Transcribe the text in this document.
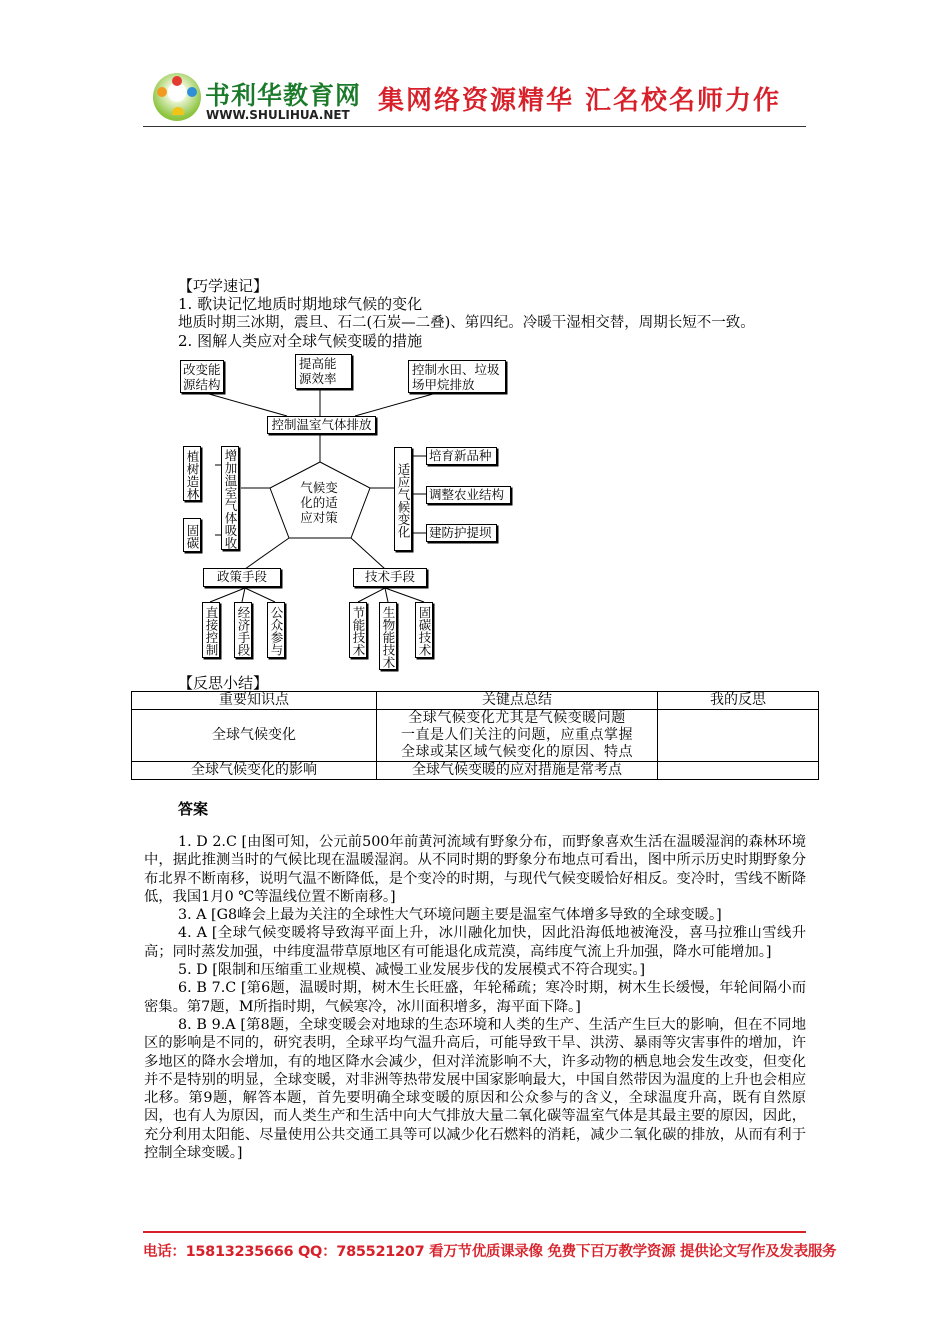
书利华教育网
WWW.SHULIHUA.NET 集网络资源精华 汇名校名师力作
【巧学速记】
1. 歌诀记忆地质时期地球气候的变化
地质时期三冰期，震旦、石二(石炭—二叠)、第四纪。冷暖干湿相交替，周期长短不一致。
2. 图解人类应对全球气候变暖的措施
改变能源结构
提高能源效率
控制水田、垃圾场甲烷排放
控制温室气体排放
气候变化的适应对策
植树造林
固碳 增加温室气体吸收	适应气候变化
培育新品种
调整农业结构
建防护提坝
政策手段	技术手段
直接控制 经济手段 公众参与	节能技术 生物能技术 固碳技术
【反思小结】
重要知识点	关键点总结	我的反思
全球气候变化	全球气候变化尤其是气候变暖问题
一直是人们关注的问题，应重点掌握
全球或某区域气候变化的原因、特点	

全球气候变化的影响	全球气候变暖的应对措施是常考点	
答案

1. D 2.C [由图可知，公元前500年前黄河流域有野象分布，而野象喜欢生活在温暖湿润的森林环境中，据此推测当时的气候比现在温暖湿润。从不同时期的野象分布地点可看出，图中所示历史时期野象分布北界不断南移，说明气温不断降低，是个变冷的时期，与现代气候变暖恰好相反。变冷时，雪线不断降低，我国1月0 ℃等温线位置不断南移。]

3. A [G8峰会上最为关注的全球性大气环境问题主要是温室气体增多导致的全球变暖。]

4. A [全球气候变暖将导致海平面上升，冰川融化加快，因此沿海低地被淹没，喜马拉雅山雪线升高；同时蒸发加强，中纬度温带草原地区有可能退化成荒漠，高纬度气流上升加强，降水可能增加。]

5. D [限制和压缩重工业规模、减慢工业发展步伐的发展模式不符合现实。]

6. B 7.C [第6题，温暖时期，树木生长旺盛，年轮稀疏；寒冷时期，树木生长缓慢，年轮间隔小而密集。第7题，M所指时期，气候寒冷，冰川面积增多，海平面下降。]

8. B 9.A [第8题，全球变暖会对地球的生态环境和人类的生产、生活产生巨大的影响，但在不同地区的影响是不同的，研究表明，全球平均气温升高后，可能导致干旱、洪涝、暴雨等灾害事件的增加，许多地区的降水会增加，有的地区降水会减少，但对洋流影响不大，许多动物的栖息地会发生改变，但变化并不是特别的明显，全球变暖，对非洲等热带发展中国家影响最大，中国自然带因为温度的上升也会相应北移。第9题，解答本题，首先要明确全球变暖的原因和公众参与的含义，全球温度升高，既有自然原因，也有人为原因，而人类生产和生活中向大气排放大量二氧化碳等温室气体是其最主要的原因，因此，充分利用太阳能、尽量使用公共交通工具等可以减少化石燃料的消耗，减少二氧化碳的排放，从而有利于控制全球变暖。]

电话：15813235666 QQ：785521207 看万节优质课录像 免费下百万教学资源 提供论文写作及发表服务
